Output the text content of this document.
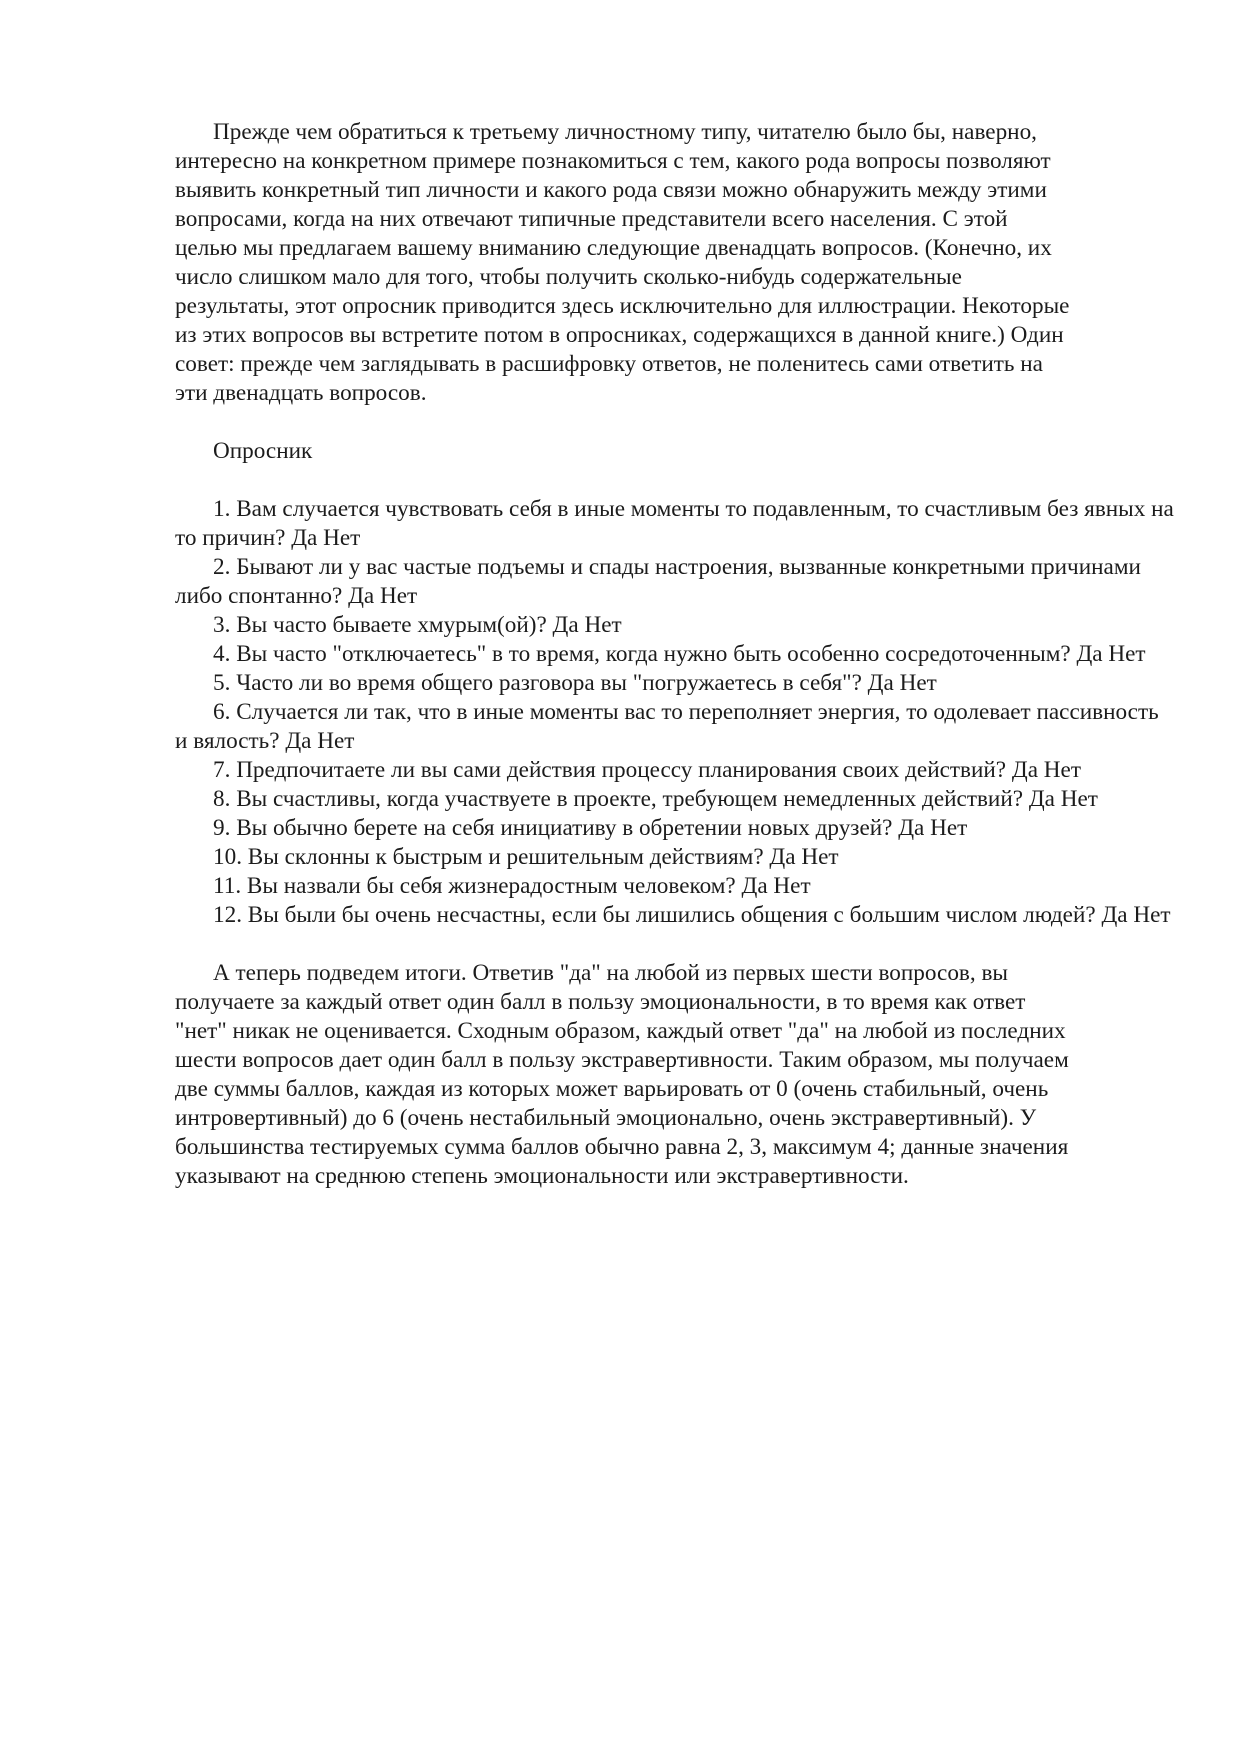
Прежде чем обратиться к третьему личностному типу, читателю было бы, наверно,
интересно на конкретном примере познакомиться с тем, какого рода вопросы позволяют
выявить конкретный тип личности и какого рода связи можно обнаружить между этими
вопросами, когда на них отвечают типичные представители всего населения. С этой
целью мы предлагаем вашему вниманию следующие двенадцать вопросов. (Конечно, их
число слишком мало для того, чтобы получить сколько-нибудь содержательные
результаты, этот опросник приводится здесь исключительно для иллюстрации. Некоторые
из этих вопросов вы встретите потом в опросниках, содержащихся в данной книге.) Один
совет: прежде чем заглядывать в расшифровку ответов, не поленитесь сами ответить на
эти двенадцать вопросов.

Опросник

1. Вам случается чувствовать себя в иные моменты то подавленным, то счастливым без явных на то причин? Да Нет

2. Бывают ли у вас частые подъемы и спады настроения, вызванные конкретными причинами либо спонтанно? Да Нет

3. Вы часто бываете хмурым(ой)? Да Нет

4. Вы часто "отключаетесь" в то время, когда нужно быть особенно сосредоточенным? Да Нет

5. Часто ли во время общего разговора вы "погружаетесь в себя"? Да Нет

6. Случается ли так, что в иные моменты вас то переполняет энергия, то одолевает пассивность и вялость? Да Нет

7. Предпочитаете ли вы сами действия процессу планирования своих действий? Да Нет

8. Вы счастливы, когда участвуете в проекте, требующем немедленных действий? Да Нет

9. Вы обычно берете на себя инициативу в обретении новых друзей? Да Нет

10. Вы склонны к быстрым и решительным действиям? Да Нет

11. Вы назвали бы себя жизнерадостным человеком? Да Нет

12. Вы были бы очень несчастны, если бы лишились общения с большим числом людей? Да Нет

А теперь подведем итоги. Ответив "да" на любой из первых шести вопросов, вы
получаете за каждый ответ один балл в пользу эмоциональности, в то время как ответ
"нет" никак не оценивается. Сходным образом, каждый ответ "да" на любой из последних
шести вопросов дает один балл в пользу экстравертивности. Таким образом, мы получаем
две суммы баллов, каждая из которых может варьировать от 0 (очень стабильный, очень
интровертивный) до 6 (очень нестабильный эмоционально, очень экстравертивный). У
большинства тестируемых сумма баллов обычно равна 2, 3, максимум 4; данные значения
указывают на среднюю степень эмоциональности или экстравертивности.
